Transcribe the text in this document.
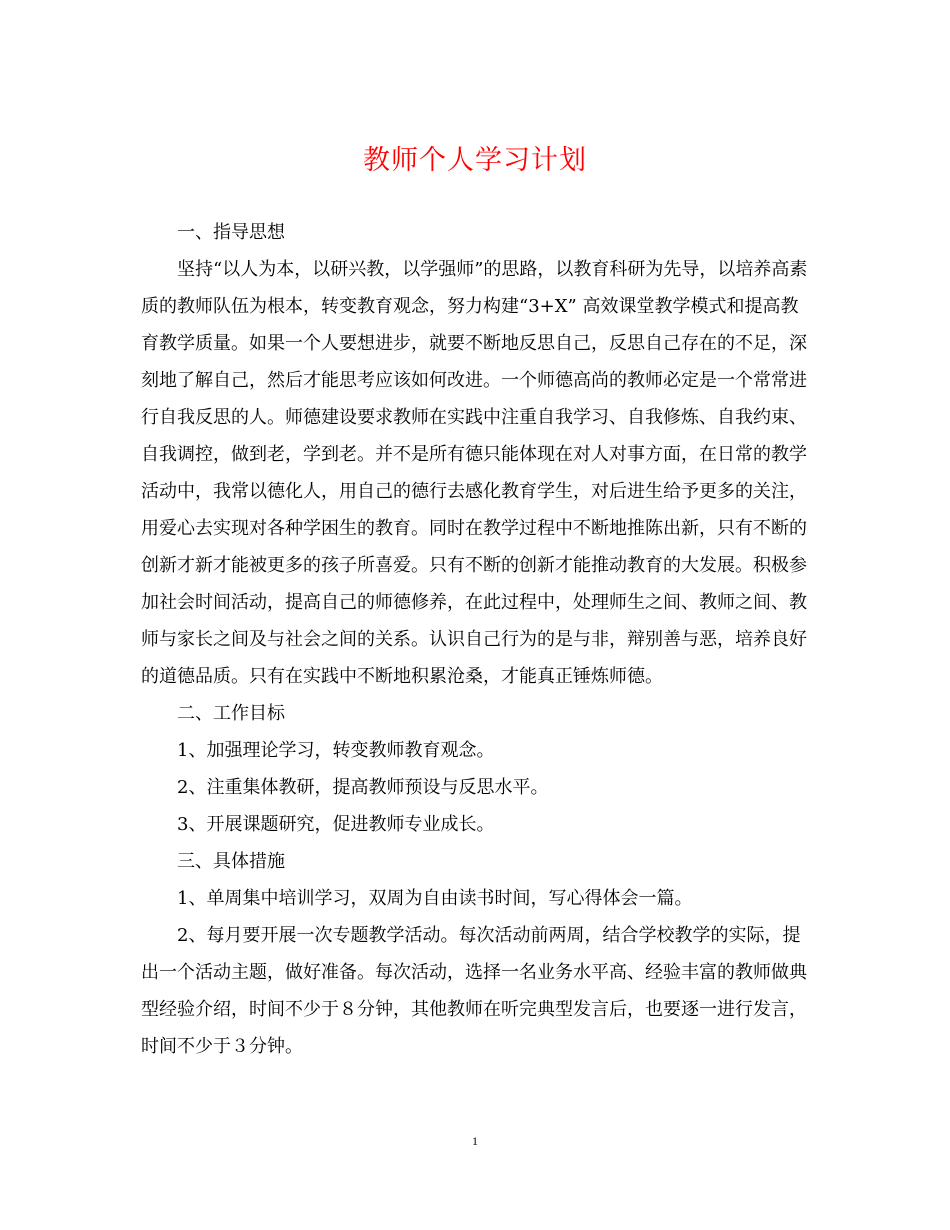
教师个人学习计划

一、指导思想

坚持“以人为本，以研兴教，以学强师”的思路，以教育科研为先导，以培养高素质的教师队伍为根本，转变教育观念，努力构建“3+X” 高效课堂教学模式和提高教育教学质量。如果一个人要想进步，就要不断地反思自己，反思自己存在的不足，深刻地了解自己，然后才能思考应该如何改进。一个师德高尚的教师必定是一个常常进行自我反思的人。师德建设要求教师在实践中注重自我学习、自我修炼、自我约束、自我调控，做到老，学到老。并不是所有德只能体现在对人对事方面，在日常的教学活动中，我常以德化人，用自己的德行去感化教育学生，对后进生给予更多的关注，用爱心去实现对各种学困生的教育。同时在教学过程中不断地推陈出新，只有不断的创新才新才能被更多的孩子所喜爱。只有不断的创新才能推动教育的大发展。积极参加社会时间活动，提高自己的师德修养，在此过程中，处理师生之间、教师之间、教师与家长之间及与社会之间的关系。认识自己行为的是与非，辩别善与恶，培养良好的道德品质。只有在实践中不断地积累沧桑，才能真正锤炼师德。

二、工作目标

1、加强理论学习，转变教师教育观念。

2、注重集体教研，提高教师预设与反思水平。

3、开展课题研究，促进教师专业成长。

三、具体措施

1、单周集中培训学习，双周为自由读书时间，写心得体会一篇。

2、每月要开展一次专题教学活动。每次活动前两周，结合学校教学的实际，提出一个活动主题，做好准备。每次活动，选择一名业务水平高、经验丰富的教师做典型经验介绍，时间不少于８分钟，其他教师在听完典型发言后，也要逐一进行发言，时间不少于３分钟。

1
